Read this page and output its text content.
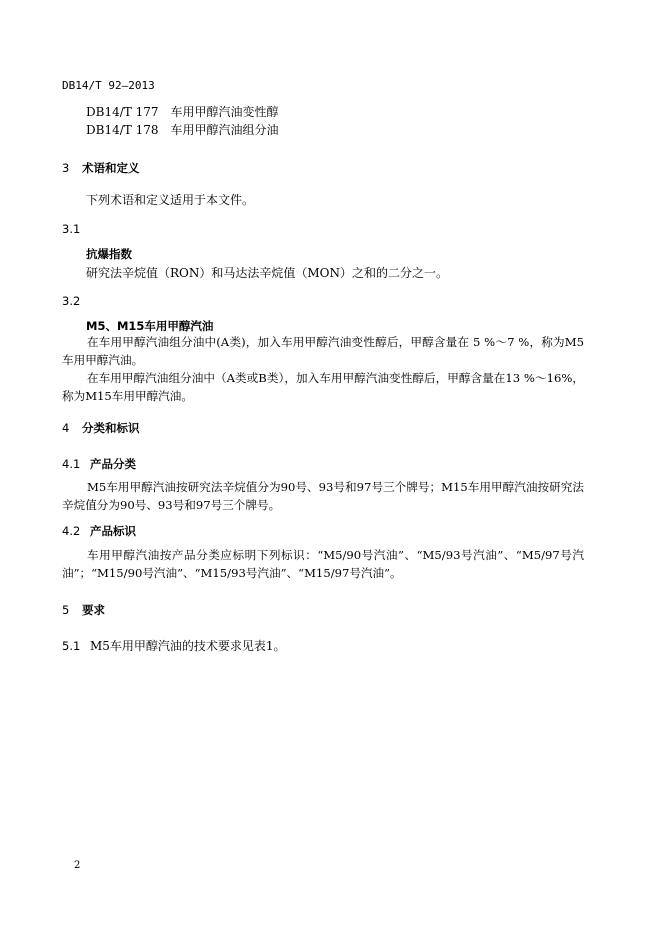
DB14/T 92—2013
DB14/T 177 车用甲醇汽油变性醇
DB14/T 178 车用甲醇汽油组分油
3 术语和定义
下列术语和定义适用于本文件。
3.1
抗爆指数
研究法辛烷值（RON）和马达法辛烷值（MON）之和的二分之一。
3.2
M5、M15车用甲醇汽油
在车用甲醇汽油组分油中(A类)，加入车用甲醇汽油变性醇后，甲醇含量在 5 %～7 %，称为M5车用甲醇汽油。
在车用甲醇汽油组分油中（A类或B类），加入车用甲醇汽油变性醇后，甲醇含量在13 %～16%，称为M15车用甲醇汽油。
4 分类和标识
4.1 产品分类
M5车用甲醇汽油按研究法辛烷值分为90号、93号和97号三个牌号；M15车用甲醇汽油按研究法辛烷值分为90号、93号和97号三个牌号。
4.2 产品标识
车用甲醇汽油按产品分类应标明下列标识：“M5/90号汽油”、“M5/93号汽油”、“M5/97号汽油”；“M15/90号汽油”、“M15/93号汽油”、“M15/97号汽油”。
5 要求
5.1 M5车用甲醇汽油的技术要求见表1。
2
